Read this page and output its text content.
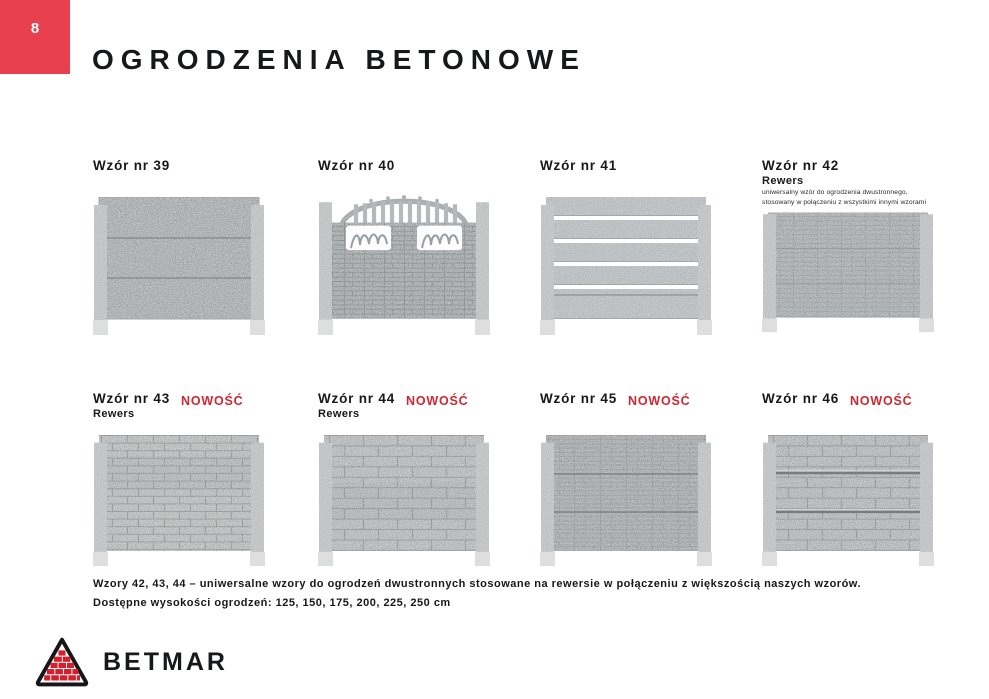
8
OGRODZENIA BETONOWE
Wzór nr 39	Wzór nr 40	Wzór nr 41	Wzór nr 42
Rewers
uniwersalny wzór do ogrodzenia dwustronnego,
stosowany w połączeniu z wszystkimi innymi wzorami
Wzór nr 43 NOWOŚĆ
Rewers
Wzór nr 44 NOWOŚĆ
Rewers
Wzór nr 45 NOWOŚĆ	Wzór nr 46 NOWOŚĆ
Wzory 42, 43, 44 – uniwersalne wzory do ogrodzeń dwustronnych stosowane na rewersie w połączeniu z większością naszych wzorów.
Dostępne wysokości ogrodzeń: 125, 150, 175, 200, 225, 250 cm
BETMAR
